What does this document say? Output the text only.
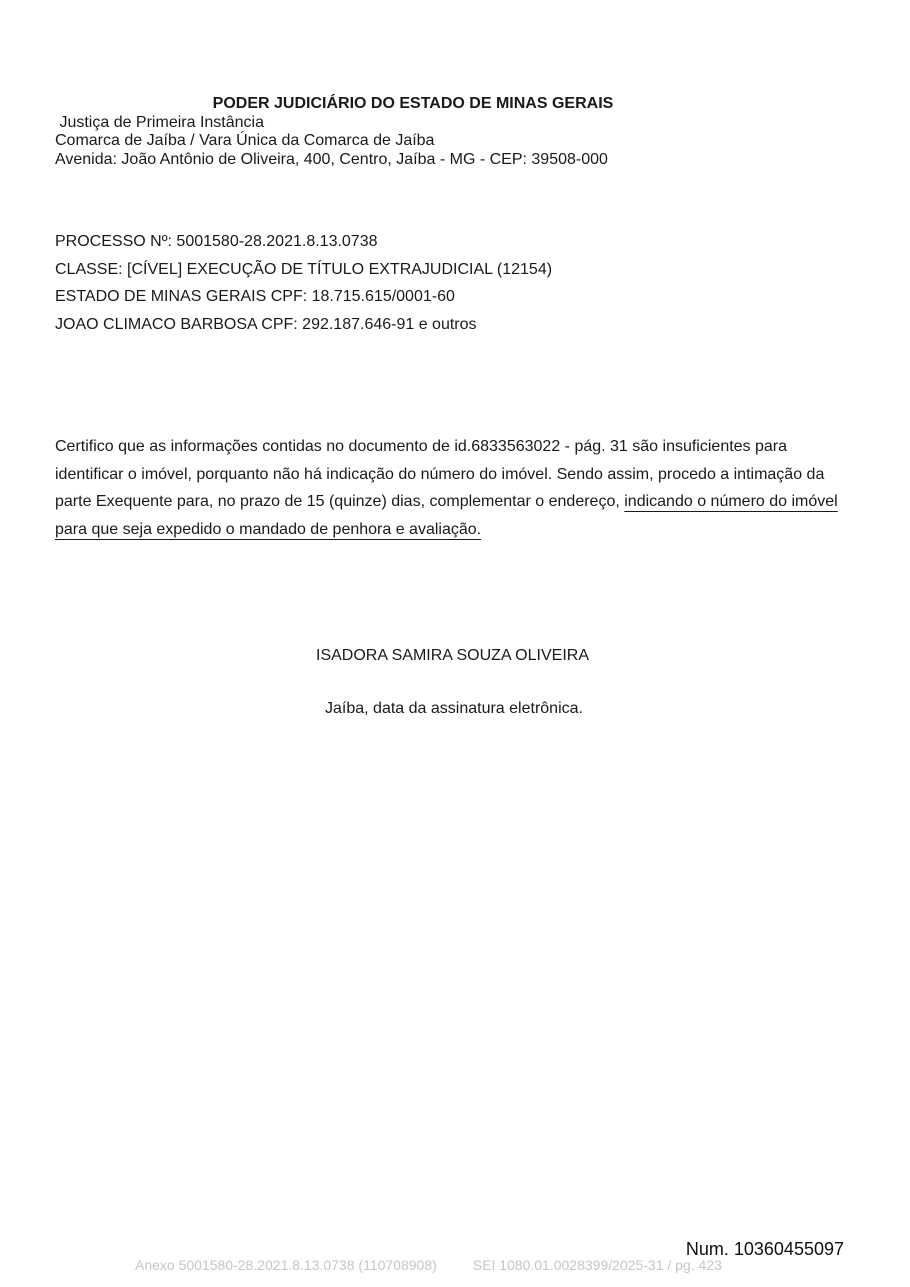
PODER JUDICIÁRIO DO ESTADO DE MINAS GERAIS
Justiça de Primeira Instância
Comarca de Jaíba / Vara Única da Comarca de Jaíba
Avenida: João Antônio de Oliveira, 400, Centro, Jaíba - MG - CEP: 39508-000
PROCESSO Nº: 5001580-28.2021.8.13.0738
CLASSE: [CÍVEL] EXECUÇÃO DE TÍTULO EXTRAJUDICIAL (12154)
ESTADO DE MINAS GERAIS CPF: 18.715.615/0001-60
JOAO CLIMACO BARBOSA CPF: 292.187.646-91 e outros
Certifico que as informações contidas no documento de id.6833563022 - pág. 31 são insuficientes para identificar o imóvel, porquanto não há indicação do número do imóvel. Sendo assim, procedo a intimação da parte Exequente para, no prazo de 15 (quinze) dias, complementar o endereço, indicando o número do imóvel para que seja expedido o mandado de penhora e avaliação.
ISADORA SAMIRA SOUZA OLIVEIRA
Jaíba, data da assinatura eletrônica.
Num. 10360455097
Anexo 5001580-28.2021.8.13.0738 (110708908)	SEI 1080.01.0028399/2025-31 / pg. 423
